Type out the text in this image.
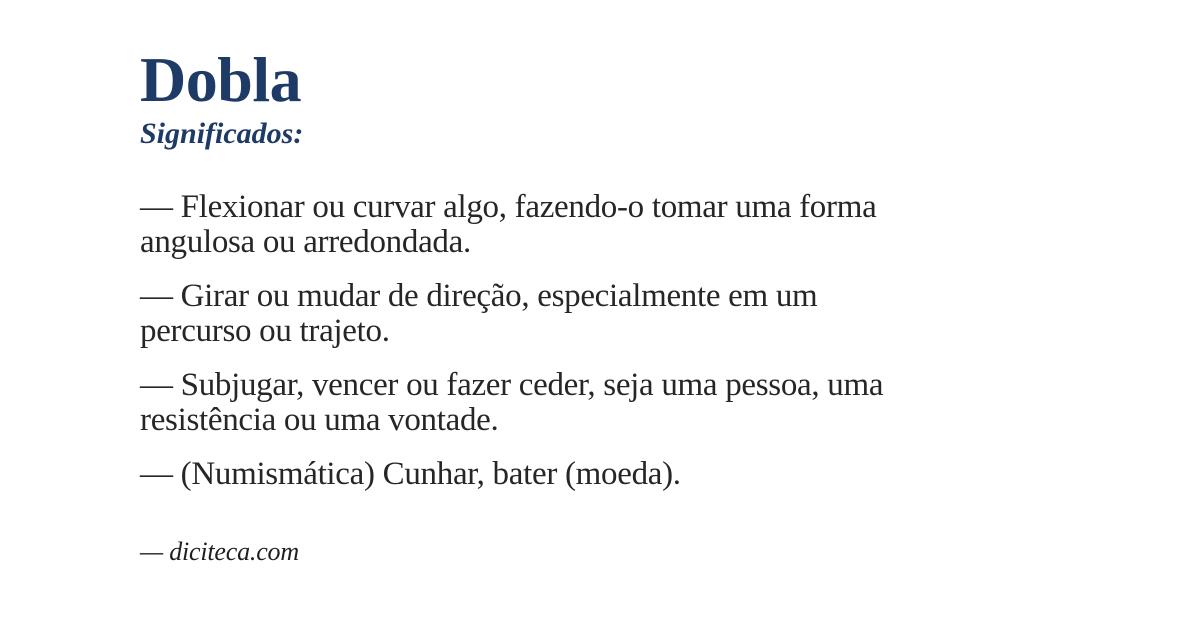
Dobla
Significados:

— Flexionar ou curvar algo, fazendo-o tomar uma forma
angulosa ou arredondada.

— Girar ou mudar de direção, especialmente em um
percurso ou trajeto.

— Subjugar, vencer ou fazer ceder, seja uma pessoa, uma
resistência ou uma vontade.

— (Numismática) Cunhar, bater (moeda).

— diciteca.com
